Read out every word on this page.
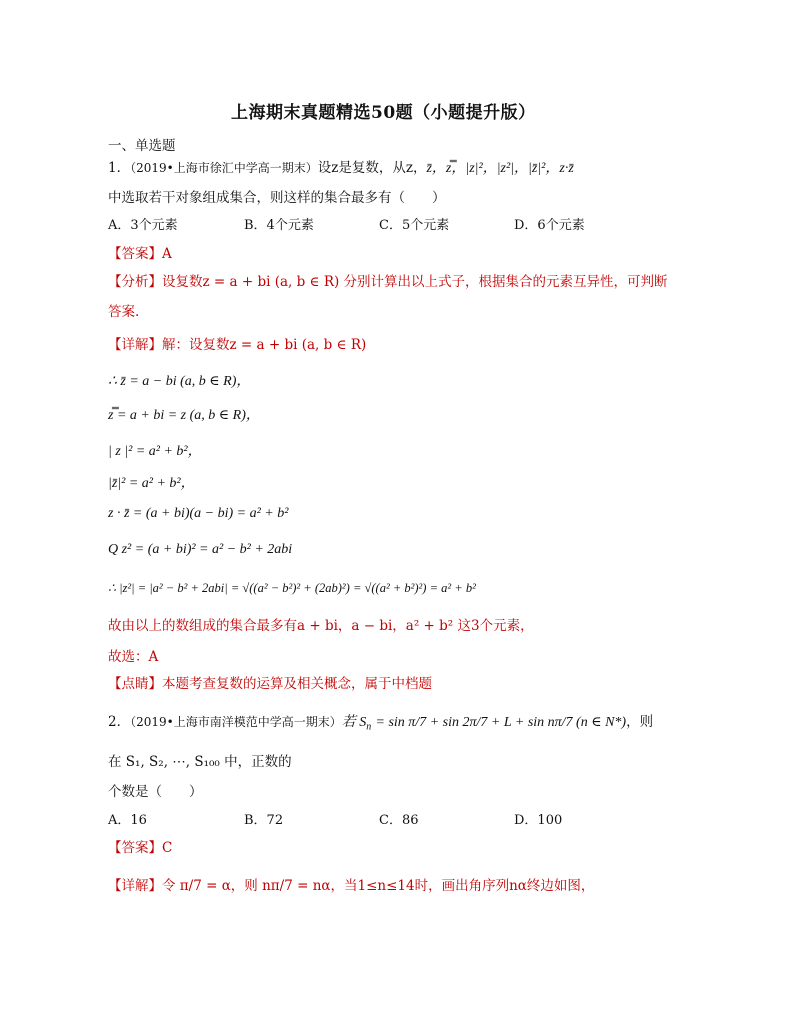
上海期末真题精选50题（小题提升版）
一、单选题
1．（2019•上海市徐汇中学高一期末）设z是复数，从z，z̄，z̿，|z|²，|z²|，|z̄|²，z·z̄
中选取若干对象组成集合，则这样的集合最多有（　　）
A．3个元素	B．4个元素	C．5个元素	D．6个元素
【答案】A
【分析】设复数z = a + bi (a, b ∈ R) 分别计算出以上式子，根据集合的元素互异性，可判断
答案.
【详解】解：设复数z = a + bi (a, b ∈ R)
∴ z̄ = a − bi (a, b ∈ R)，
z̿ = a + bi = z (a, b ∈ R)，
| z |² = a² + b²，
|z̄|² = a² + b²，
z · z̄ = (a + bi)(a − bi) = a² + b²
Q z² = (a + bi)² = a² − b² + 2abi
∴ |z²| = |a² − b² + 2abi| = √((a² − b²)² + (2ab)²) = √((a² + b²)²) = a² + b²
故由以上的数组成的集合最多有a + bi，a − bi，a² + b² 这3个元素，
故选：A
【点睛】本题考查复数的运算及相关概念，属于中档题
2．（2019•上海市南洋模范中学高一期末）若 $S_n = \sin \pi/7 + \sin 2\pi/7 + L + \sin n\pi/7$ (n ∈ N*)，则
在 S₁, S₂, ⋯, S₁₀₀ 中，正数的
个数是（　　）
A．16	B．72	C．86	D．100
【答案】C
【详解】令 π/7 = α，则 nπ/7 = nα，当1≤n≤14时，画出角序列nα终边如图，
